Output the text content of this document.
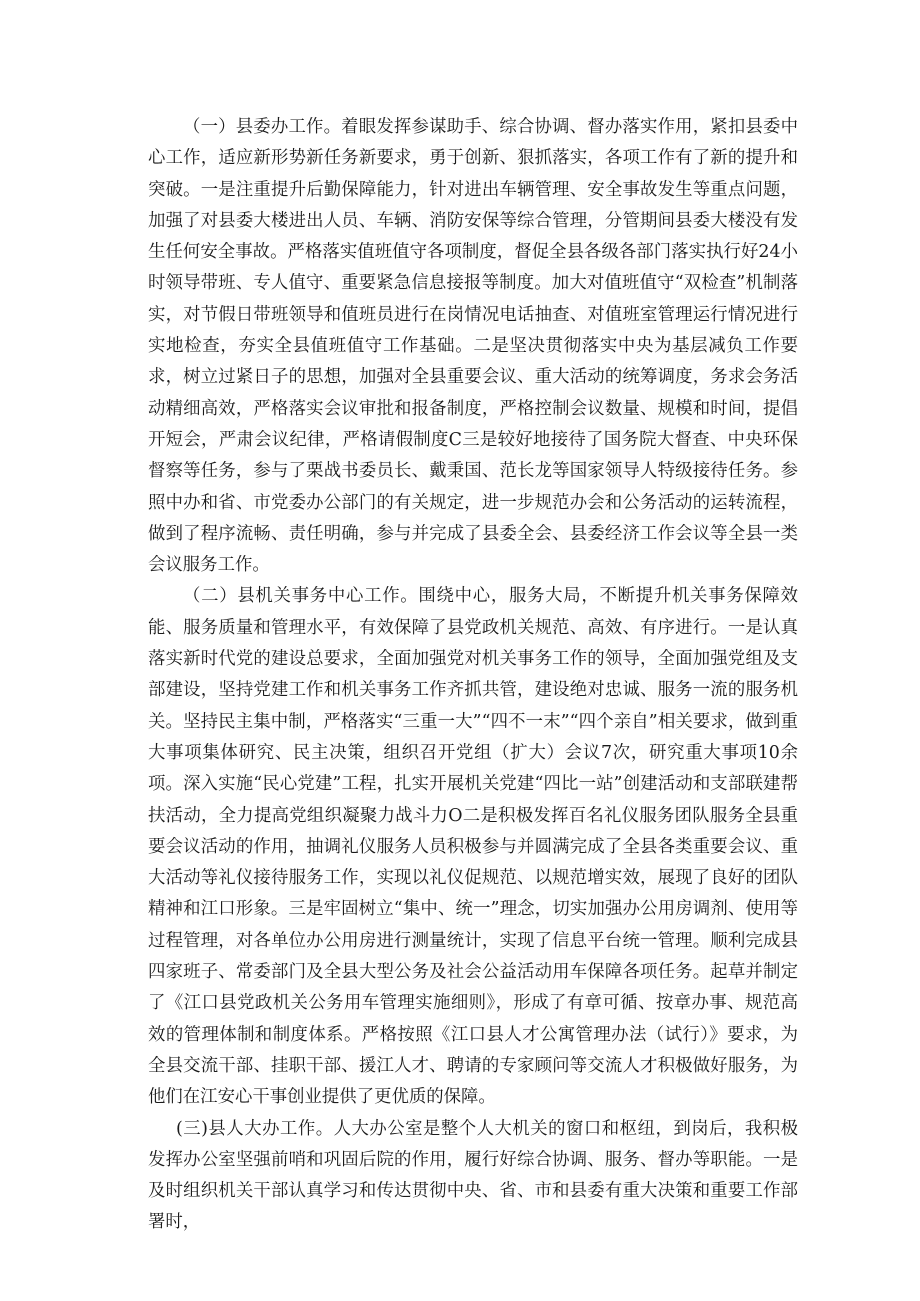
（一）县委办工作。着眼发挥参谋助手、综合协调、督办落实作用，紧扣县委中心工作，适应新形势新任务新要求，勇于创新、狠抓落实，各项工作有了新的提升和突破。一是注重提升后勤保障能力，针对进出车辆管理、安全事故发生等重点问题，加强了对县委大楼进出人员、车辆、消防安保等综合管理，分管期间县委大楼没有发生任何安全事故。严格落实值班值守各项制度，督促全县各级各部门落实执行好24小时领导带班、专人值守、重要紧急信息接报等制度。加大对值班值守“双检查”机制落实，对节假日带班领导和值班员进行在岗情况电话抽查、对值班室管理运行情况进行实地检查，夯实全县值班值守工作基础。二是坚决贯彻落实中央为基层减负工作要求，树立过紧日子的思想，加强对全县重要会议、重大活动的统筹调度，务求会务活动精细高效，严格落实会议审批和报备制度，严格控制会议数量、规模和时间，提倡开短会，严肃会议纪律，严格请假制度C三是较好地接待了国务院大督查、中央环保督察等任务，参与了栗战书委员长、戴秉国、范长龙等国家领导人特级接待任务。参照中办和省、市党委办公部门的有关规定，进一步规范办会和公务活动的运转流程，做到了程序流畅、责任明确，参与并完成了县委全会、县委经济工作会议等全县一类会议服务工作。

（二）县机关事务中心工作。围绕中心，服务大局，不断提升机关事务保障效能、服务质量和管理水平，有效保障了县党政机关规范、高效、有序进行。一是认真落实新时代党的建设总要求，全面加强党对机关事务工作的领导，全面加强党组及支部建设，坚持党建工作和机关事务工作齐抓共管，建设绝对忠诚、服务一流的服务机关。坚持民主集中制，严格落实“三重一大”“四不一末”“四个亲自”相关要求，做到重大事项集体研究、民主决策，组织召开党组（扩大）会议7次，研究重大事项10余项。深入实施“民心党建”工程，扎实开展机关党建“四比一站”创建活动和支部联建帮扶活动，全力提高党组织凝聚力战斗力O二是积极发挥百名礼仪服务团队服务全县重要会议活动的作用，抽调礼仪服务人员积极参与并圆满完成了全县各类重要会议、重大活动等礼仪接待服务工作，实现以礼仪促规范、以规范增实效，展现了良好的团队精神和江口形象。三是牢固树立“集中、统一”理念，切实加强办公用房调剂、使用等过程管理，对各单位办公用房进行测量统计，实现了信息平台统一管理。顺利完成县四家班子、常委部门及全县大型公务及社会公益活动用车保障各项任务。起草并制定了《江口县党政机关公务用车管理实施细则》，形成了有章可循、按章办事、规范高效的管理体制和制度体系。严格按照《江口县人才公寓管理办法（试行）》要求，为全县交流干部、挂职干部、援江人才、聘请的专家顾问等交流人才积极做好服务，为他们在江安心干事创业提供了更优质的保障。

(三)县人大办工作。人大办公室是整个人大机关的窗口和枢纽，到岗后，我积极发挥办公室坚强前哨和巩固后院的作用，履行好综合协调、服务、督办等职能。一是及时组织机关干部认真学习和传达贯彻中央、省、市和县委有重大决策和重要工作部署时，
